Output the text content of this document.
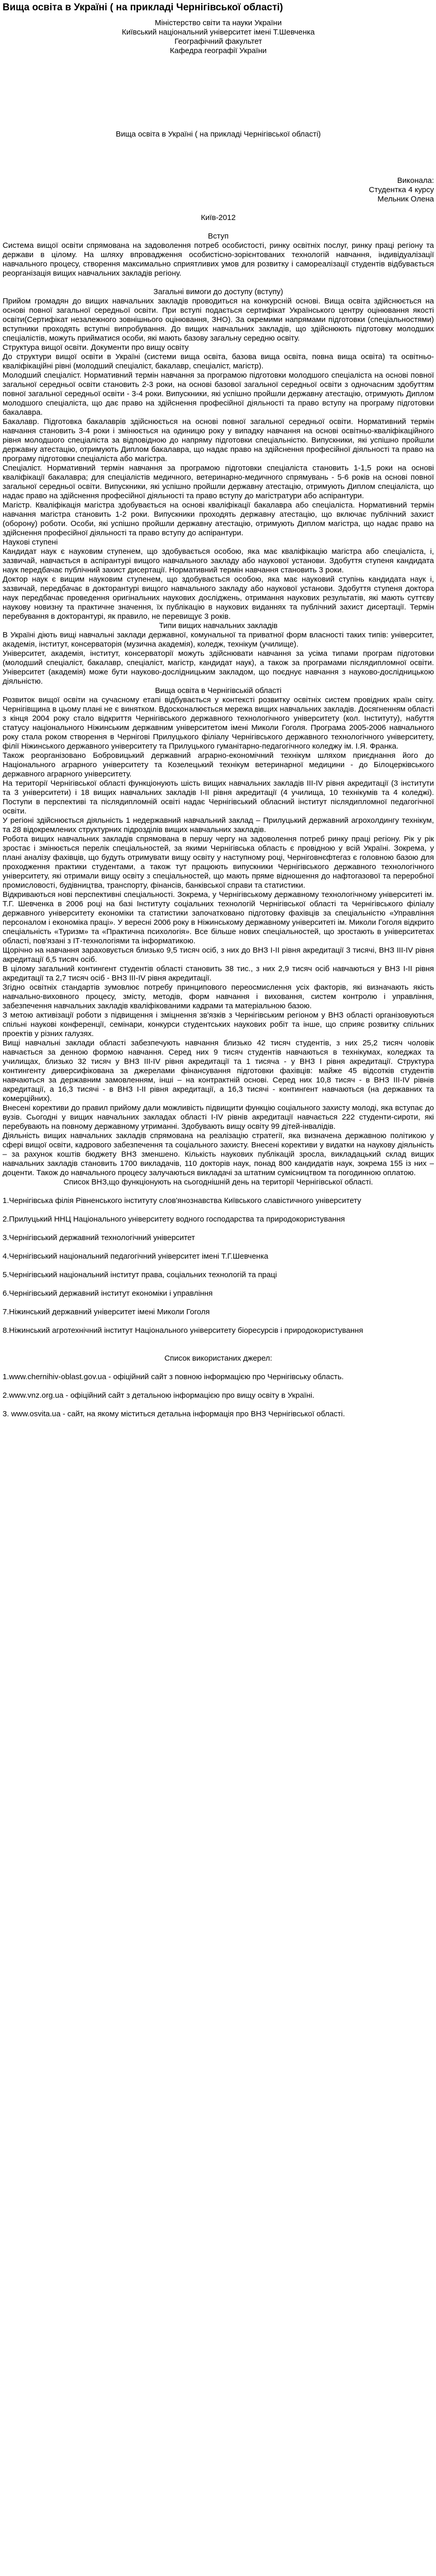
Вища освіта в Україні ( на прикладі Чернігівської області)

Міністерство світи та науки України

Київський національний університет імені Т.Шевченка

Географічний факультет

Кафедра географії України

Вища освіта в Україні ( на прикладі Чернігівської області)

Виконала:

Студентка 4 курсу

Мельник Олена

Київ-2012

Вступ

Система вищої освіти спрямована на задоволення потреб особистості, ринку освітніх послуг, ринку праці регіону та держави в цілому. На шляху впровадження особистісно-зорієнтованих технологій навчання, індивідуалізації навчального процесу, створення максимально сприятливих умов для розвитку і самореалізації студентів відбувається реорганізація вищих навчальних закладів регіону.

Загальні вимоги до доступу (вступу)

Прийом громадян до вищих навчальних закладів проводиться на конкурсній основі. Вища освіта здійснюється на основі повної загальної середньої освіти. При вступі подається сертифікат Українського центру оцінювання якості освіти(Сертифікат незалежного зовнішнього оцінювання, ЗНО). За окремими напрямами підготовки (спеціальностями) вступники проходять вступні випробування. До вищих навчальних закладів, що здійснюють підготовку молодших спеціалістів, можуть прийматися особи, які мають базову загальну середню освіту.

Структура вищої освіти. Документи про вищу освіту

До структури вищої освіти в Україні (системи вища освіта, базова вища освіта, повна вища освіта) та освітньо-кваліфікаційні рівні (молодший спеціаліст, бакалавр, спеціаліст, магістр).

Молодший спеціаліст. Нормативний термін навчання за програмою підготовки молодшого спеціаліста на основі повної загальної середньої освіти становить 2-3 роки, на основі базової загальної середньої освіти з одночасним здобуттям повної загальної середньої освіти - 3-4 роки. Випускники, які успішно пройшли державну атестацію, отримують Диплом молодшого спеціаліста, що дає право на здійснення професійної діяльності та право вступу на програму підготовки бакалавра.

Бакалавр. Підготовка бакалаврів здійснюється на основі повної загальної середньої освіти. Нормативний термін навчання становить 3-4 роки і змінюється на одиницю року у випадку навчання на основі освітньо-кваліфікаційного рівня молодшого спеціаліста за відповідною до напряму підготовки спеціальністю. Випускники, які успішно пройшли державну атестацію, отримують Диплом бакалавра, що надає право на здійснення професійної діяльності та право на програму підготовки спеціаліста або магістра.

Спеціаліст. Нормативний термін навчання за програмою підготовки спеціаліста становить 1-1,5 роки на основі кваліфікації бакалавра; для спеціалістів медичного, ветеринарно-медичного спрямувань - 5-6 років на основі повної загальної середньої освіти. Випускники, які успішно пройшли державну атестацію, отримують Диплом спеціаліста, що надає право на здійснення професійної діяльності та право вступу до магістратури або аспірантури.

Магістр. Кваліфікація магістра здобувається на основі кваліфікації бакалавра або спеціаліста. Нормативний термін навчання магістра становить 1-2 роки. Випускники проходять державну атестацію, що включає публічний захист (оборону) роботи. Особи, які успішно пройшли державну атестацію, отримують Диплом магістра, що надає право на здійснення професійної діяльності та право вступу до аспірантури.

Наукові ступені

Кандидат наук є науковим ступенем, що здобувається особою, яка має кваліфікацію магістра або спеціаліста, і, зазвичай, навчається в аспірантурі вищого навчального закладу або наукової установи. Здобуття ступеня кандидата наук передбачає публічний захист дисертації. Нормативний термін навчання становить 3 роки.

Доктор наук є вищим науковим ступенем, що здобувається особою, яка має науковий ступінь кандидата наук і, зазвичай, передбачає в докторантурі вищого навчального закладу або наукової установи. Здобуття ступеня доктора наук передбачає проведення оригінальних наукових досліджень, отримання наукових результатів, які мають суттєву наукову новизну та практичне значення, їх публікацію в наукових виданнях та публічний захист дисертації. Термін перебування в докторантурі, як правило, не перевищує 3 років.

Типи вищих навчальних закладів

В Україні діють вищі навчальні заклади державної, комунальної та приватної форм власності таких типів: університет, академія, інститут, консерваторія (музична академія), коледж, технікум (училище).

Університет, академія, інститут, консерваторії можуть здійснювати навчання за усіма типами програм підготовки (молодший спеціаліст, бакалавр, спеціаліст, магістр, кандидат наук), а також за програмами післядипломної освіти. Університет (академія) може бути науково-дослідницьким закладом, що поєднує навчання з науково-дослідницькою діяльністю.

Вища освіта в Чернігівській області

Розвиток вищої освіти на сучасному етапі відбувається у контексті розвитку освітніх систем провідних країн світу. Чернігівщина в цьому плані не є винятком. Вдосконалюється мережа вищих навчальних закладів. Досягненням області з кінця 2004 року стало відкриття Чернігівського державного технологічного університету (кол. Інституту), набуття статусу національного Ніжинським державним університетом імені Миколи Гоголя. Програма 2005-2006 навчального року стала роком створення в Чернігові Прилуцького філіалу Чернігівського державного технологічного університету, філії Ніжинського державного університету та Прилуцького гуманітарно-педагогічного коледжу ім. І.Я. Франка.

Також реорганізовано Бобровицький державний аграрно-економічний технікум шляхом приєднання його до Національного аграрного університету та Козелецький технікум ветеринарної медицини - до Білоцерківського державного аграрного університету.

На території Чернігівської області функціонують шість вищих навчальних закладів III-IV рівня акредитації (3 інститути та 3 університети) і 18 вищих навчальних закладів I-II рівня акредитації (4 училища, 10 технікумів та 4 коледжі). Поступи в перспективі та післядипломній освіті надає Чернігівський обласний інститут післядипломної педагогічної освіти.

У регіоні здійснюється діяльність 1 недержавний навчальний заклад – Прилуцький державний агрохолдингу технікум, та 28 відокремлених структурних підрозділів вищих навчальних закладів.

Робота вищих навчальних закладів спрямована в першу чергу на задоволення потреб ринку праці регіону. Рік у рік зростає і змінюється перелік спеціальностей, за якими Чернігівська область є провідною у всій Україні. Зокрема, у плані аналізу фахівців, що будуть отримувати вищу освіту у наступному році, Черніговнєфтегаз є головною базою для проходження практики студентами, а також тут працюють випускники Чернігівського державного технологічного університету, які отримали вищу освіту з спеціальностей, що мають пряме відношення до нафтогазової та переробної промисловості, будівництва, транспорту, фінансів, банківської справи та статистики.

Відкриваються нові перспективні спеціальності. Зокрема, у Чернігівському державному технологічному університеті ім. Т.Г. Шевченка в 2006 році на базі Інституту соціальних технологій Чернігівської області та Чернігівського філіалу державного університету економіки та статистики започатковано підготовку фахівців за спеціальністю «Управління персоналом і економіка праці». У вересні 2006 року в Ніжинському державному університеті ім. Миколи Гоголя відкрито спеціальність «Туризм» та «Практична психологія». Все більше нових спеціальностей, що зростають в університетах області, пов'язані з ІТ-технологіями та інформатикою.

Щорічно на навчання зараховується близько 9,5 тисяч осіб, з них до ВНЗ І-ІІ рівня акредитації 3 тисячі, ВНЗ ІІІ-ІV рівня акредитації 6,5 тисяч осіб.

В цілому загальний контингент студентів області становить 38 тис., з них 2,9 тисяч осіб навчаються у ВНЗ I-II рівня акредитації та 2,7 тисяч осіб - ВНЗ III-IV рівня акредитації.

Згідно освітніх стандартів зумовлює потребу принципового переосмислення усіх факторів, які визначають якість навчально-виховного процесу, змісту, методів, форм навчання і виховання, систем контролю і управління, забезпечення навчальних закладів кваліфікованими кадрами та матеріальною базою.

З метою активізації роботи з підвищення і зміцнення зв'язків з Чернігівським регіоном у ВНЗ області організовуються спільні наукові конференції, семінари, конкурси студентських наукових робіт та інше, що сприяє розвитку спільних проектів у різних галузях.

Вищі навчальні заклади області забезпечують навчання близько 42 тисяч студентів, з них 25,2 тисяч чоловік навчається за денною формою навчання. Серед них 9 тисяч студентів навчаються в технікумах, коледжах та училищах, близько 32 тисяч у ВНЗ III-IV рівня акредитації та 1 тисяча - у ВНЗ I рівня акредитації. Структура контингенту диверсифікована за джерелами фінансування підготовки фахівців: майже 45 відсотків студентів навчаються за державним замовленням, інші – на контрактній основі. Серед них 10,8 тисяч - в ВНЗ III-IV рівнів акредитації, а 16,3 тисячі - в ВНЗ I-II рівня акредитації, а 16,3 тисячі - контингент навчаються (на державних та комерційних).

Внесені корективи до правил прийому дали можливість підвищити функцію соціального захисту молоді, яка вступає до вузів. Сьогодні у вищих навчальних закладах області І-ІV рівнів акредитації навчається 222 студенти-сироти, які перебувають на повному державному утриманні. Здобувають вищу освіту 99 дітей-інвалідів.

Діяльність вищих навчальних закладів спрямована на реалізацію стратегії, яка визначена державною політикою у сфері вищої освіти, кадрового забезпечення та соціального захисту. Внесені корективи у видатки на наукову діяльність – за рахунок коштів бюджету ВНЗ зменшено. Кількість наукових публікацій зросла, викладацький склад вищих навчальних закладів становить 1700 викладачів, 110 докторів наук, понад 800 кандидатів наук, зокрема 155 із них – доценти. Також до навчального процесу залучаються викладачі за штатним сумісництвом та погодинною оплатою.

Список ВНЗ,що функціонують на сьогоднішній день на території Чернігівської області.

1.Чернігівська філія Рівненського інституту слов'янознавства Київського славістичного університету
2.Прилуцький ННЦ Національного університету водного господарства та природокористування
3.Чернігівський державний технологічний університет
4.Чернігівський національний педагогічний університет імені Т.Г.Шевченка
5.Чернігівський національний інститут права, соціальних технологій та праці
6.Чернігівський державний інститут економіки і управління
7.Ніжинський державний університет імені Миколи Гоголя
8.Ніжинський агротехнічний інститут Національного університету біоресурсів і природокористування

Список використаних джерел:

1.www.chernihiv-oblast.gov.ua - офіційний сайт з повною інформацією про Чернігівську область.
2.www.vnz.org.ua - офіційний сайт з детальною інформацією про вищу освіту в Україні.
3. www.osvita.ua - сайт, на якому міститься детальна інформація про ВНЗ Чернігівської області.
